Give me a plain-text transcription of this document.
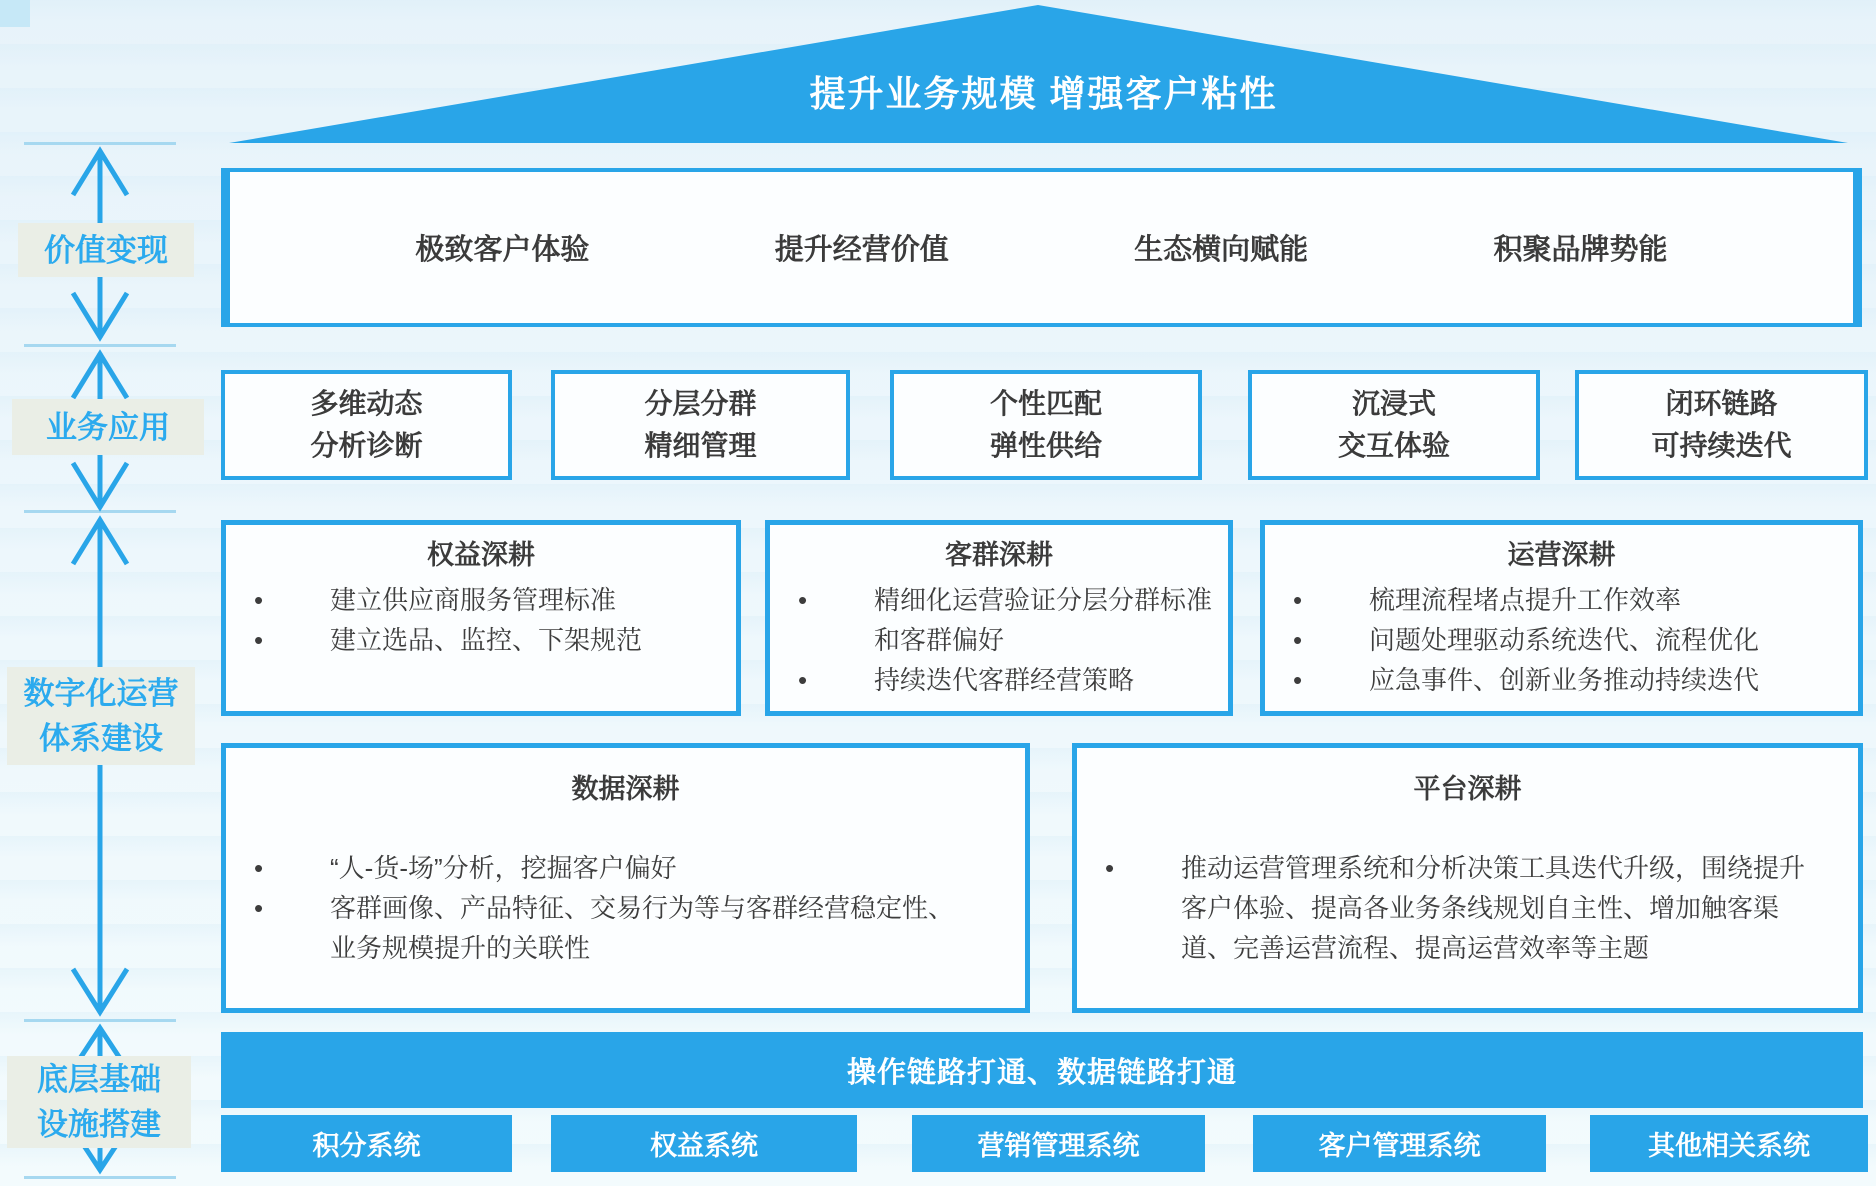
价值变现
业务应用
数字化运营
体系建设
底层基础
设施搭建
提升业务规模 增强客户粘性
极致客户体验	提升经营价值	生态横向赋能	积聚品牌势能
多维动态
分析诊断
分层分群
精细管理
个性匹配
弹性供给
沉浸式
交互体验
闭环链路
可持续迭代
权益深耕
• 建立供应商服务管理标准
• 建立选品、监控、下架规范
客群深耕
• 精细化运营验证分层分群标准和客群偏好
• 持续迭代客群经营策略
运营深耕
• 梳理流程堵点提升工作效率
• 问题处理驱动系统迭代、流程优化
• 应急事件、创新业务推动持续迭代
数据深耕
• “人-货-场”分析，挖掘客户偏好
• 客群画像、产品特征、交易行为等与客群经营稳定性、业务规模提升的关联性
平台深耕
• 推动运营管理系统和分析决策工具迭代升级，围绕提升客户体验、提高各业务条线规划自主性、增加触客渠道、完善运营流程、提高运营效率等主题
操作链路打通、数据链路打通
积分系统	权益系统	营销管理系统	客户管理系统	其他相关系统
